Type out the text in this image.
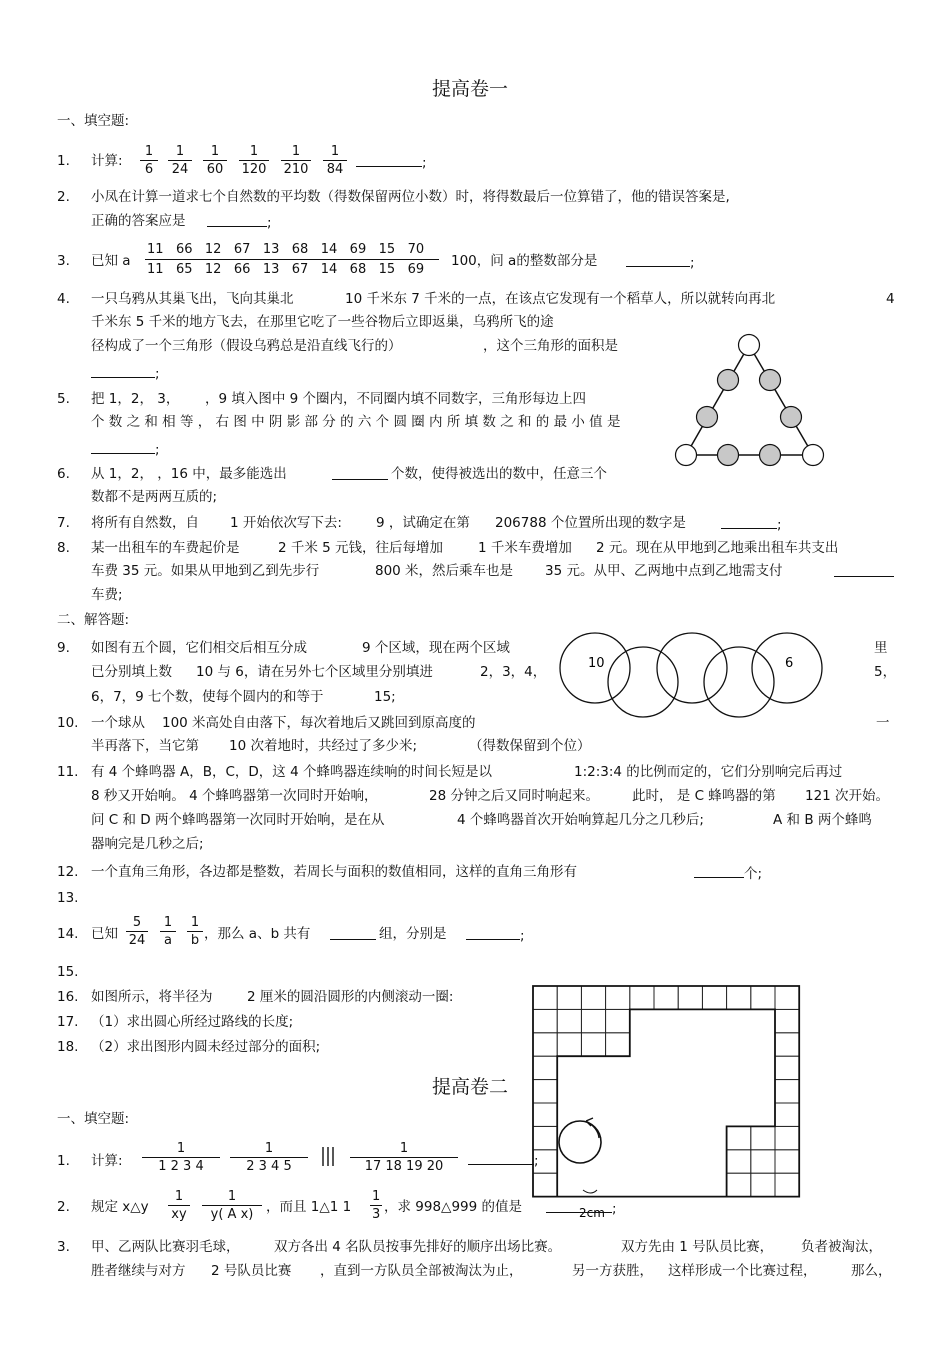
提高卷一
一、填空题:
1. 计算: $\frac{1}{6} \frac{1}{24} \frac{1}{60} \frac{1}{120} \frac{1}{210} \frac{1}{84}$	;
2. 小凤在计算一道求七个自然数的平均数（得数保留两位小数）时，将得数最后一位算错了，他的错误答案是,
正确的答案应是	;
3. 已知 a
11 66 12 67 13 68 14 69 15 70
11 65 12 66 13 67 14 68 15 69
100，问 a的整数部分是	;
4. 一只乌鸦从其巢飞出，飞向其巢北	10 千米东 7 千米的一点，在该点它发现有一个稻草人，所以就转向再北	4
千米东 5 千米的地方飞去，在那里它吃了一些谷物后立即返巢，乌鸦所飞的途
径构成了一个三角形（假设乌鸦总是沿直线飞行的）	，这个三角形的面积是
;
5. 把 1，2， 3， ，9 填入图中 9 个圈内，不同圈内填不同数字，三角形每边上四
个 数 之 和 相 等 ， 右 图 中 阴 影 部 分 的 六 个 圆 圈 内 所 填 数 之 和 的 最 小 值 是
;
6. 从 1，2， ，16 中，最多能选出	个数，使得被选出的数中，任意三个
数都不是两两互质的;
7. 将所有自然数，自 1 开始依次写下去:	9 ，试确定在第 206788 个位置所出现的数字是	;
8. 某一出租车的车费起价是	2 千米 5 元钱，往后每增加	1 千米车费增加 2 元。现在从甲地到乙地乘出租车共支出
车费 35 元。如果从甲地到乙到先步行	800 米，然后乘车也是 35 元。从甲、乙两地中点到乙地需支付
车费;
二、解答题:
9. 如图有五个圆，它们相交后相互分成	9 个区域，现在两个区域	里
已分别填上数 10 与 6，请在另外七个区域里分别填进	2，3，4，	5，
6，7，9 七个数，使每个圆内的和等于	15;
10	6
10. 一个球从 100 米高处自由落下，每次着地后又跳回到原高度的	一
半再落下，当它第 10 次着地时，共经过了多少米;	（得数保留到个位）
11. 有 4 个蜂鸣器 A，B，C，D，这 4 个蜂鸣器连续响的时间长短是以	1:2:3:4 的比例而定的，它们分别响完后再过
8 秒又开始响。 4 个蜂鸣器第一次同时开始响，	28 分钟之后又同时响起来。 此时， 是 C 蜂鸣器的第 121 次开始。
问 C 和 D 两个蜂鸣器第一次同时开始响，是在从	4 个蜂鸣器首次开始响算起几分之几秒后;	A 和 B 两个蜂鸣
器响完是几秒之后;
12. 一个直角三角形，各边都是整数，若周长与面积的数值相同，这样的直角三角形有	个;
13.
14. 已知 $\frac{5}{24} \frac{1}{a} \frac{1}{b}$ ，那么 a、b 共有	组，分别是	;
15.
16. 如图所示，将半径为	2 厘米的圆沿圆形的内侧滚动一圈:
17. （1）求出圆心所经过路线的长度;
18. （2）求出图形内圆未经过部分的面积;
2cm
提高卷二
一、填空题:
1. 计算: $\frac{1}{1 2 3 4} \frac{1}{2 3 4 5}$	$\frac{1}{17 18 19 20}$	;
2. 规定 x△y $\frac{1}{xy} \frac{1}{\text{y( A x)}}$ ，而且 1△1 $1 \frac{1}{3}$ ，求 998△999 的值是	;
3. 甲、乙两队比赛羽毛球，	双方各出 4 名队员按事先排好的顺序出场比赛。	双方先由 1 号队员比赛， 负者被淘汰，
胜者继续与对方 2 号队员比赛 ，直到一方队员全部被淘汰为止，	另一方获胜， 这样形成一个比赛过程，	那么，
